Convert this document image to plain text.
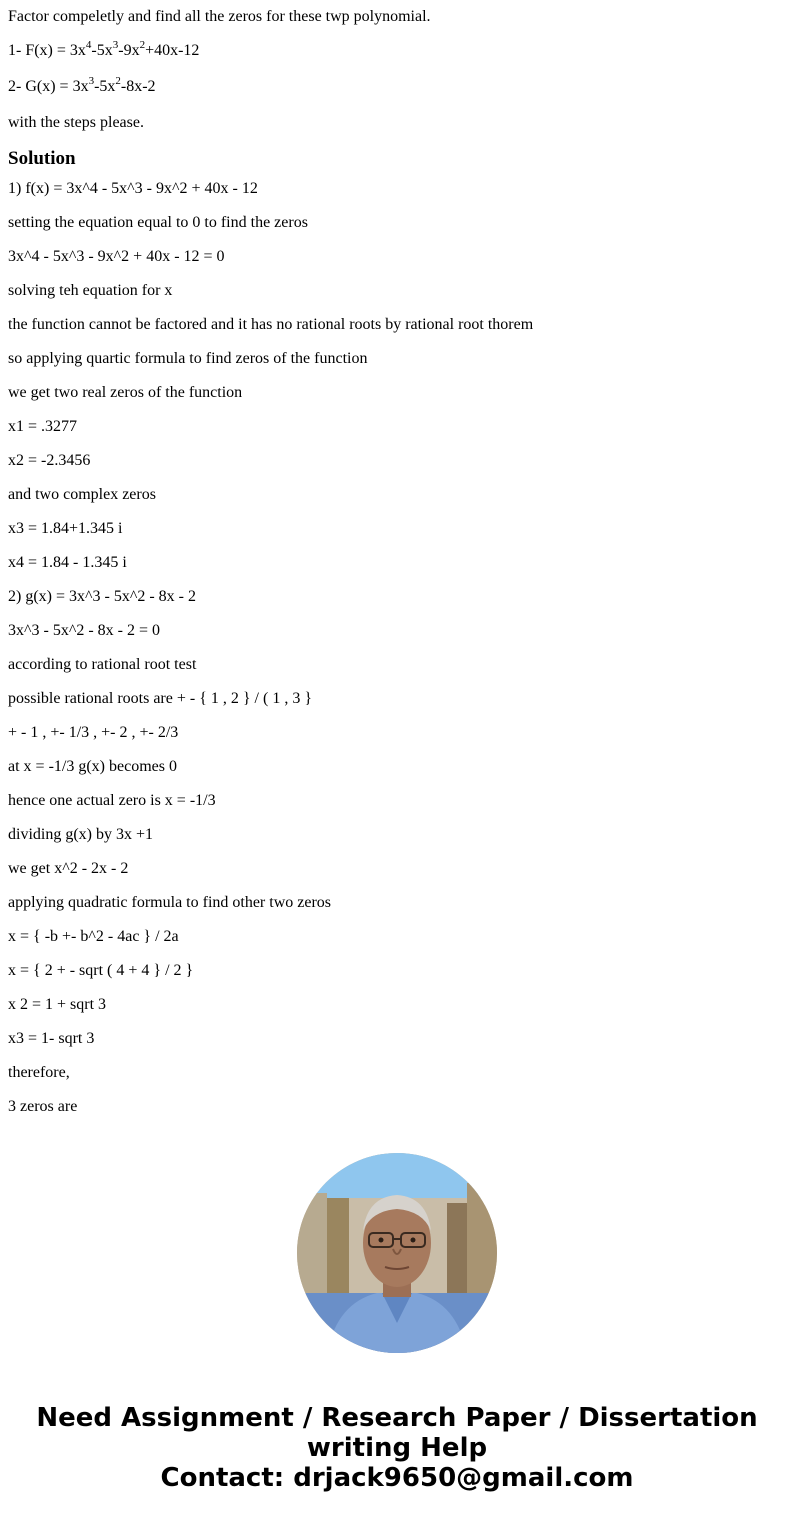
Factor compeletly and find all the zeros for these twp polynomial.

1- $F(x) = 3x^4-5x^3-9x^2+40x-12$

2- $G(x) = 3x^3-5x^2-8x-2$

with the steps please.

Solution

1) f(x) = 3x^4 - 5x^3 - 9x^2 + 40x - 12

setting the equation equal to 0 to find the zeros

3x^4 - 5x^3 - 9x^2 + 40x - 12 = 0

solving teh equation for x

the function cannot be factored and it has no rational roots by rational root thorem

so applying quartic formula to find zeros of the function

we get two real zeros of the function

x1 = .3277

x2 = -2.3456

and two complex zeros

x3 = 1.84+1.345 i

x4 = 1.84 - 1.345 i

2) g(x) = 3x^3 - 5x^2 - 8x - 2

3x^3 - 5x^2 - 8x - 2 = 0

according to rational root test

possible rational roots are + - { 1 , 2 } / ( 1 , 3 }

+ - 1 , +- 1/3 , +- 2 , +- 2/3

at x = -1/3 g(x) becomes 0

hence one actual zero is x = -1/3

dividing g(x) by 3x +1

we get x^2 - 2x - 2

applying quadratic formula to find other two zeros

x = { -b +- b^2 - 4ac } / 2a

x = { 2 + - sqrt ( 4 + 4 } / 2 }

x 2 = 1 + sqrt 3

x3 = 1- sqrt 3

therefore,

3 zeros are

Need Assignment / Research Paper / Dissertation
writing Help
Contact: drjack9650@gmail.com
